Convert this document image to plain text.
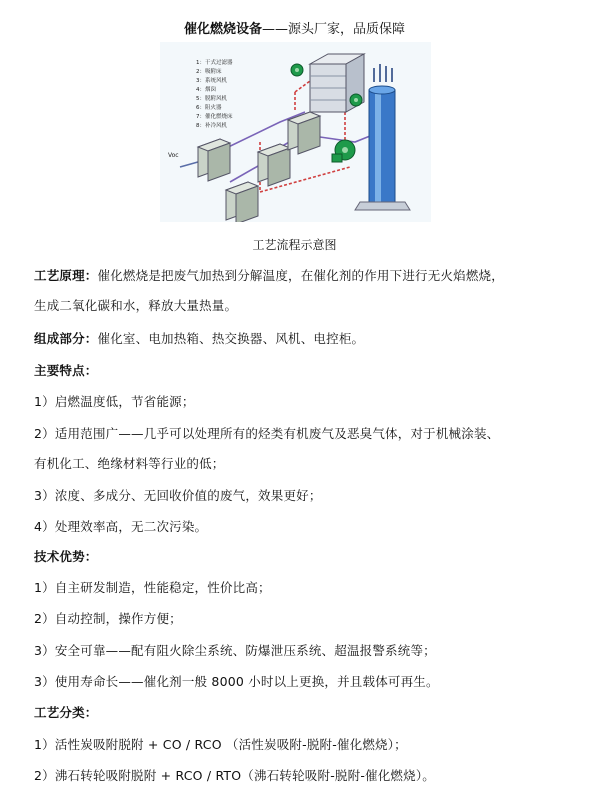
催化燃烧设备——源头厂家，品质保障
1：干式过滤器
2：吸附床
3：系统风机
4：烟囱
5：脱附风机
6：阻火器
7：催化燃烧床
8：补冷风机
Voc
工艺流程示意图
工艺原理：催化燃烧是把废气加热到分解温度，在催化剂的作用下进行无火焰燃烧，
生成二氧化碳和水，释放大量热量。
组成部分：催化室、电加热箱、热交换器、风机、电控柜。
主要特点：
1）启燃温度低，节省能源；
2）适用范围广——几乎可以处理所有的烃类有机废气及恶臭气体，对于机械涂装、
有机化工、绝缘材料等行业的低；
3）浓度、多成分、无回收价值的废气，效果更好；
4）处理效率高，无二次污染。
技术优势：
1）自主研发制造，性能稳定，性价比高；
2）自动控制，操作方便；
3）安全可靠——配有阻火除尘系统、防爆泄压系统、超温报警系统等；
3）使用寿命长——催化剂一般 8000 小时以上更换，并且载体可再生。
工艺分类：
1）活性炭吸附脱附 + CO / RCO （活性炭吸附-脱附-催化燃烧）；
2）沸石转轮吸附脱附 + RCO / RTO（沸石转轮吸附-脱附-催化燃烧）。
